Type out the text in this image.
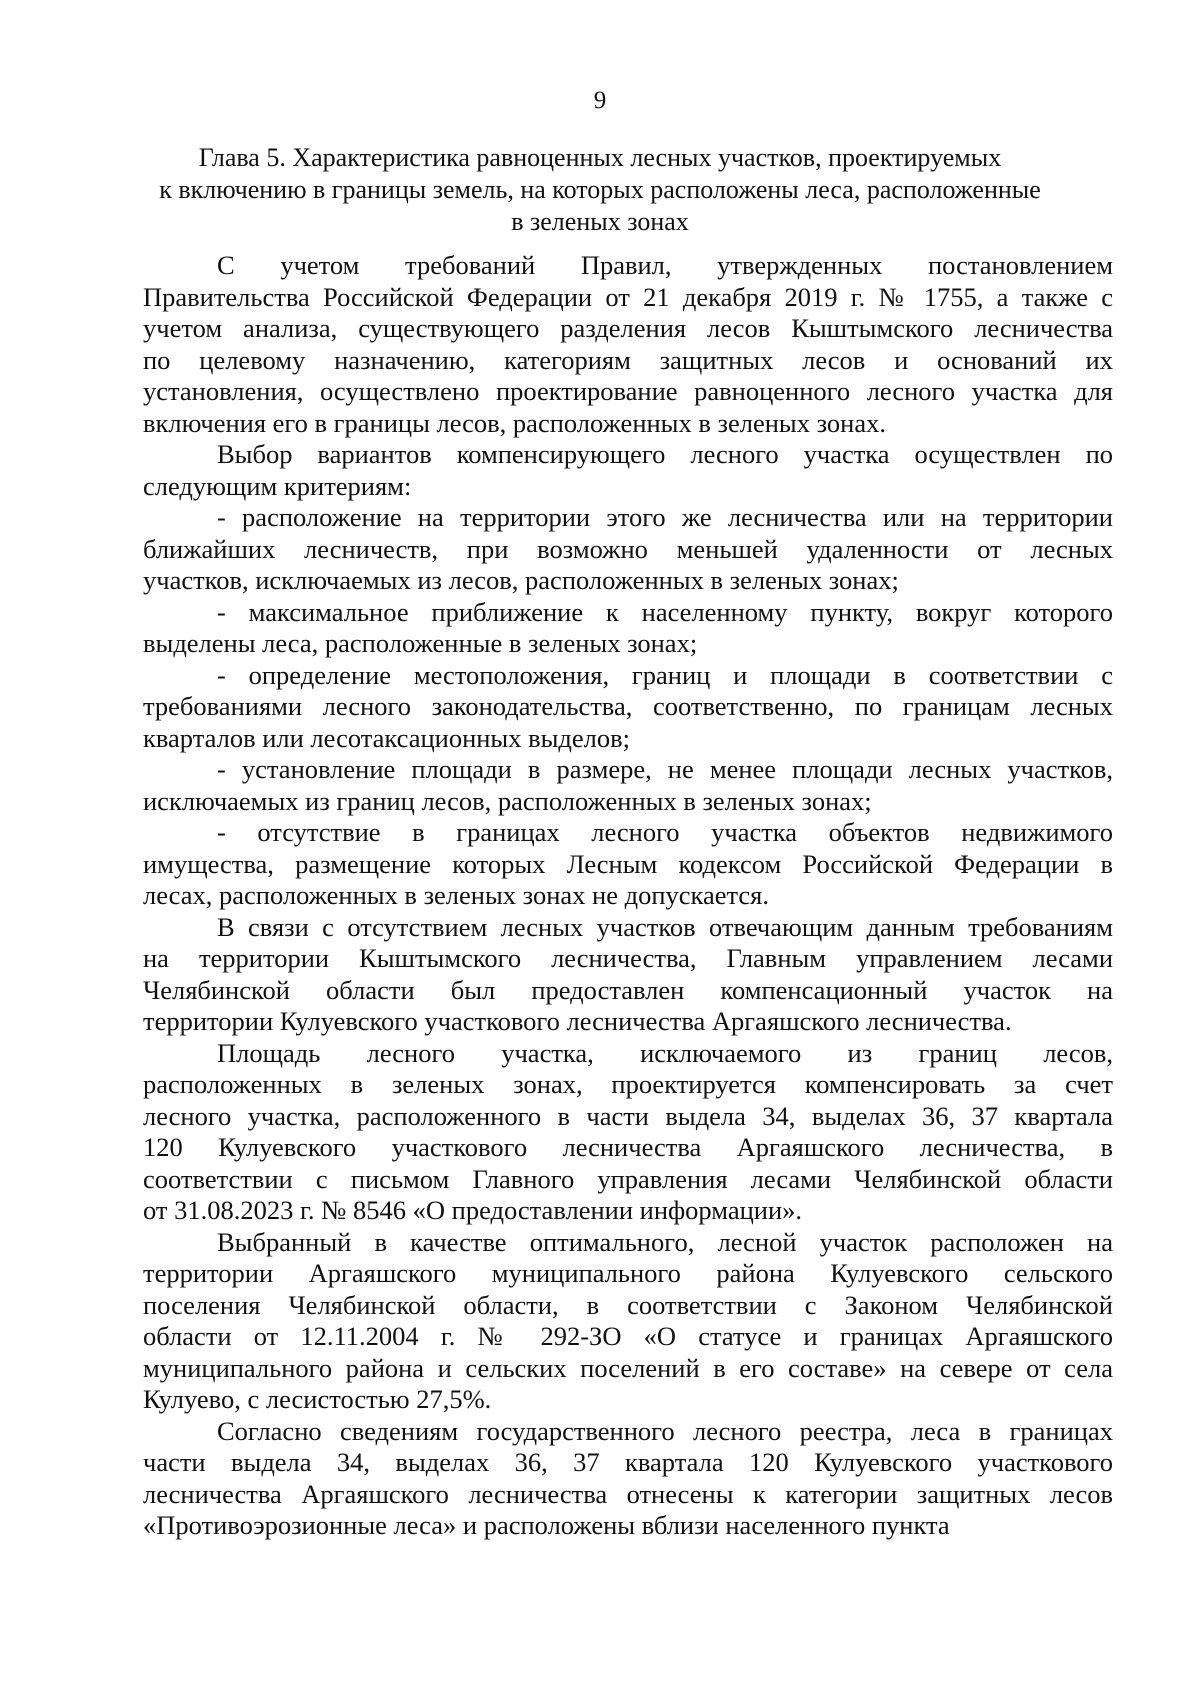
9
Глава 5. Характеристика равноценных лесных участков, проектируемых
к включению в границы земель, на которых расположены леса, расположенные
в зеленых зонах
С учетом требований Правил, утвержденных постановлением
Правительства Российской Федерации от 21 декабря 2019 г. № 1755, а также с
учетом анализа, существующего разделения лесов Кыштымского лесничества
по целевому назначению, категориям защитных лесов и оснований их
установления, осуществлено проектирование равноценного лесного участка для
включения его в границы лесов, расположенных в зеленых зонах.
Выбор вариантов компенсирующего лесного участка осуществлен по
следующим критериям:
- расположение на территории этого же лесничества или на территории
ближайших лесничеств, при возможно меньшей удаленности от лесных
участков, исключаемых из лесов, расположенных в зеленых зонах;
- максимальное приближение к населенному пункту, вокруг которого
выделены леса, расположенные в зеленых зонах;
- определение местоположения, границ и площади в соответствии с
требованиями лесного законодательства, соответственно, по границам лесных
кварталов или лесотаксационных выделов;
- установление площади в размере, не менее площади лесных участков,
исключаемых из границ лесов, расположенных в зеленых зонах;
- отсутствие в границах лесного участка объектов недвижимого
имущества, размещение которых Лесным кодексом Российской Федерации в
лесах, расположенных в зеленых зонах не допускается.
В связи с отсутствием лесных участков отвечающим данным требованиям
на территории Кыштымского лесничества, Главным управлением лесами
Челябинской области был предоставлен компенсационный участок на
территории Кулуевского участкового лесничества Аргаяшского лесничества.
Площадь лесного участка, исключаемого из границ лесов,
расположенных в зеленых зонах, проектируется компенсировать за счет
лесного участка, расположенного в части выдела 34, выделах 36, 37 квартала
120 Кулуевского участкового лесничества Аргаяшского лесничества, в
соответствии с письмом Главного управления лесами Челябинской области
от 31.08.2023 г. № 8546 «О предоставлении информации».
Выбранный в качестве оптимального, лесной участок расположен на
территории Аргаяшского муниципального района Кулуевского сельского
поселения Челябинской области, в соответствии с Законом Челябинской
области от 12.11.2004 г. № 292-ЗО «О статусе и границах Аргаяшского
муниципального района и сельских поселений в его составе» на севере от села
Кулуево, с лесистостью 27,5%.
Согласно сведениям государственного лесного реестра, леса в границах
части выдела 34, выделах 36, 37 квартала 120 Кулуевского участкового
лесничества Аргаяшского лесничества отнесены к категории защитных лесов
«Противоэрозионные леса» и расположены вблизи населенного пункта
